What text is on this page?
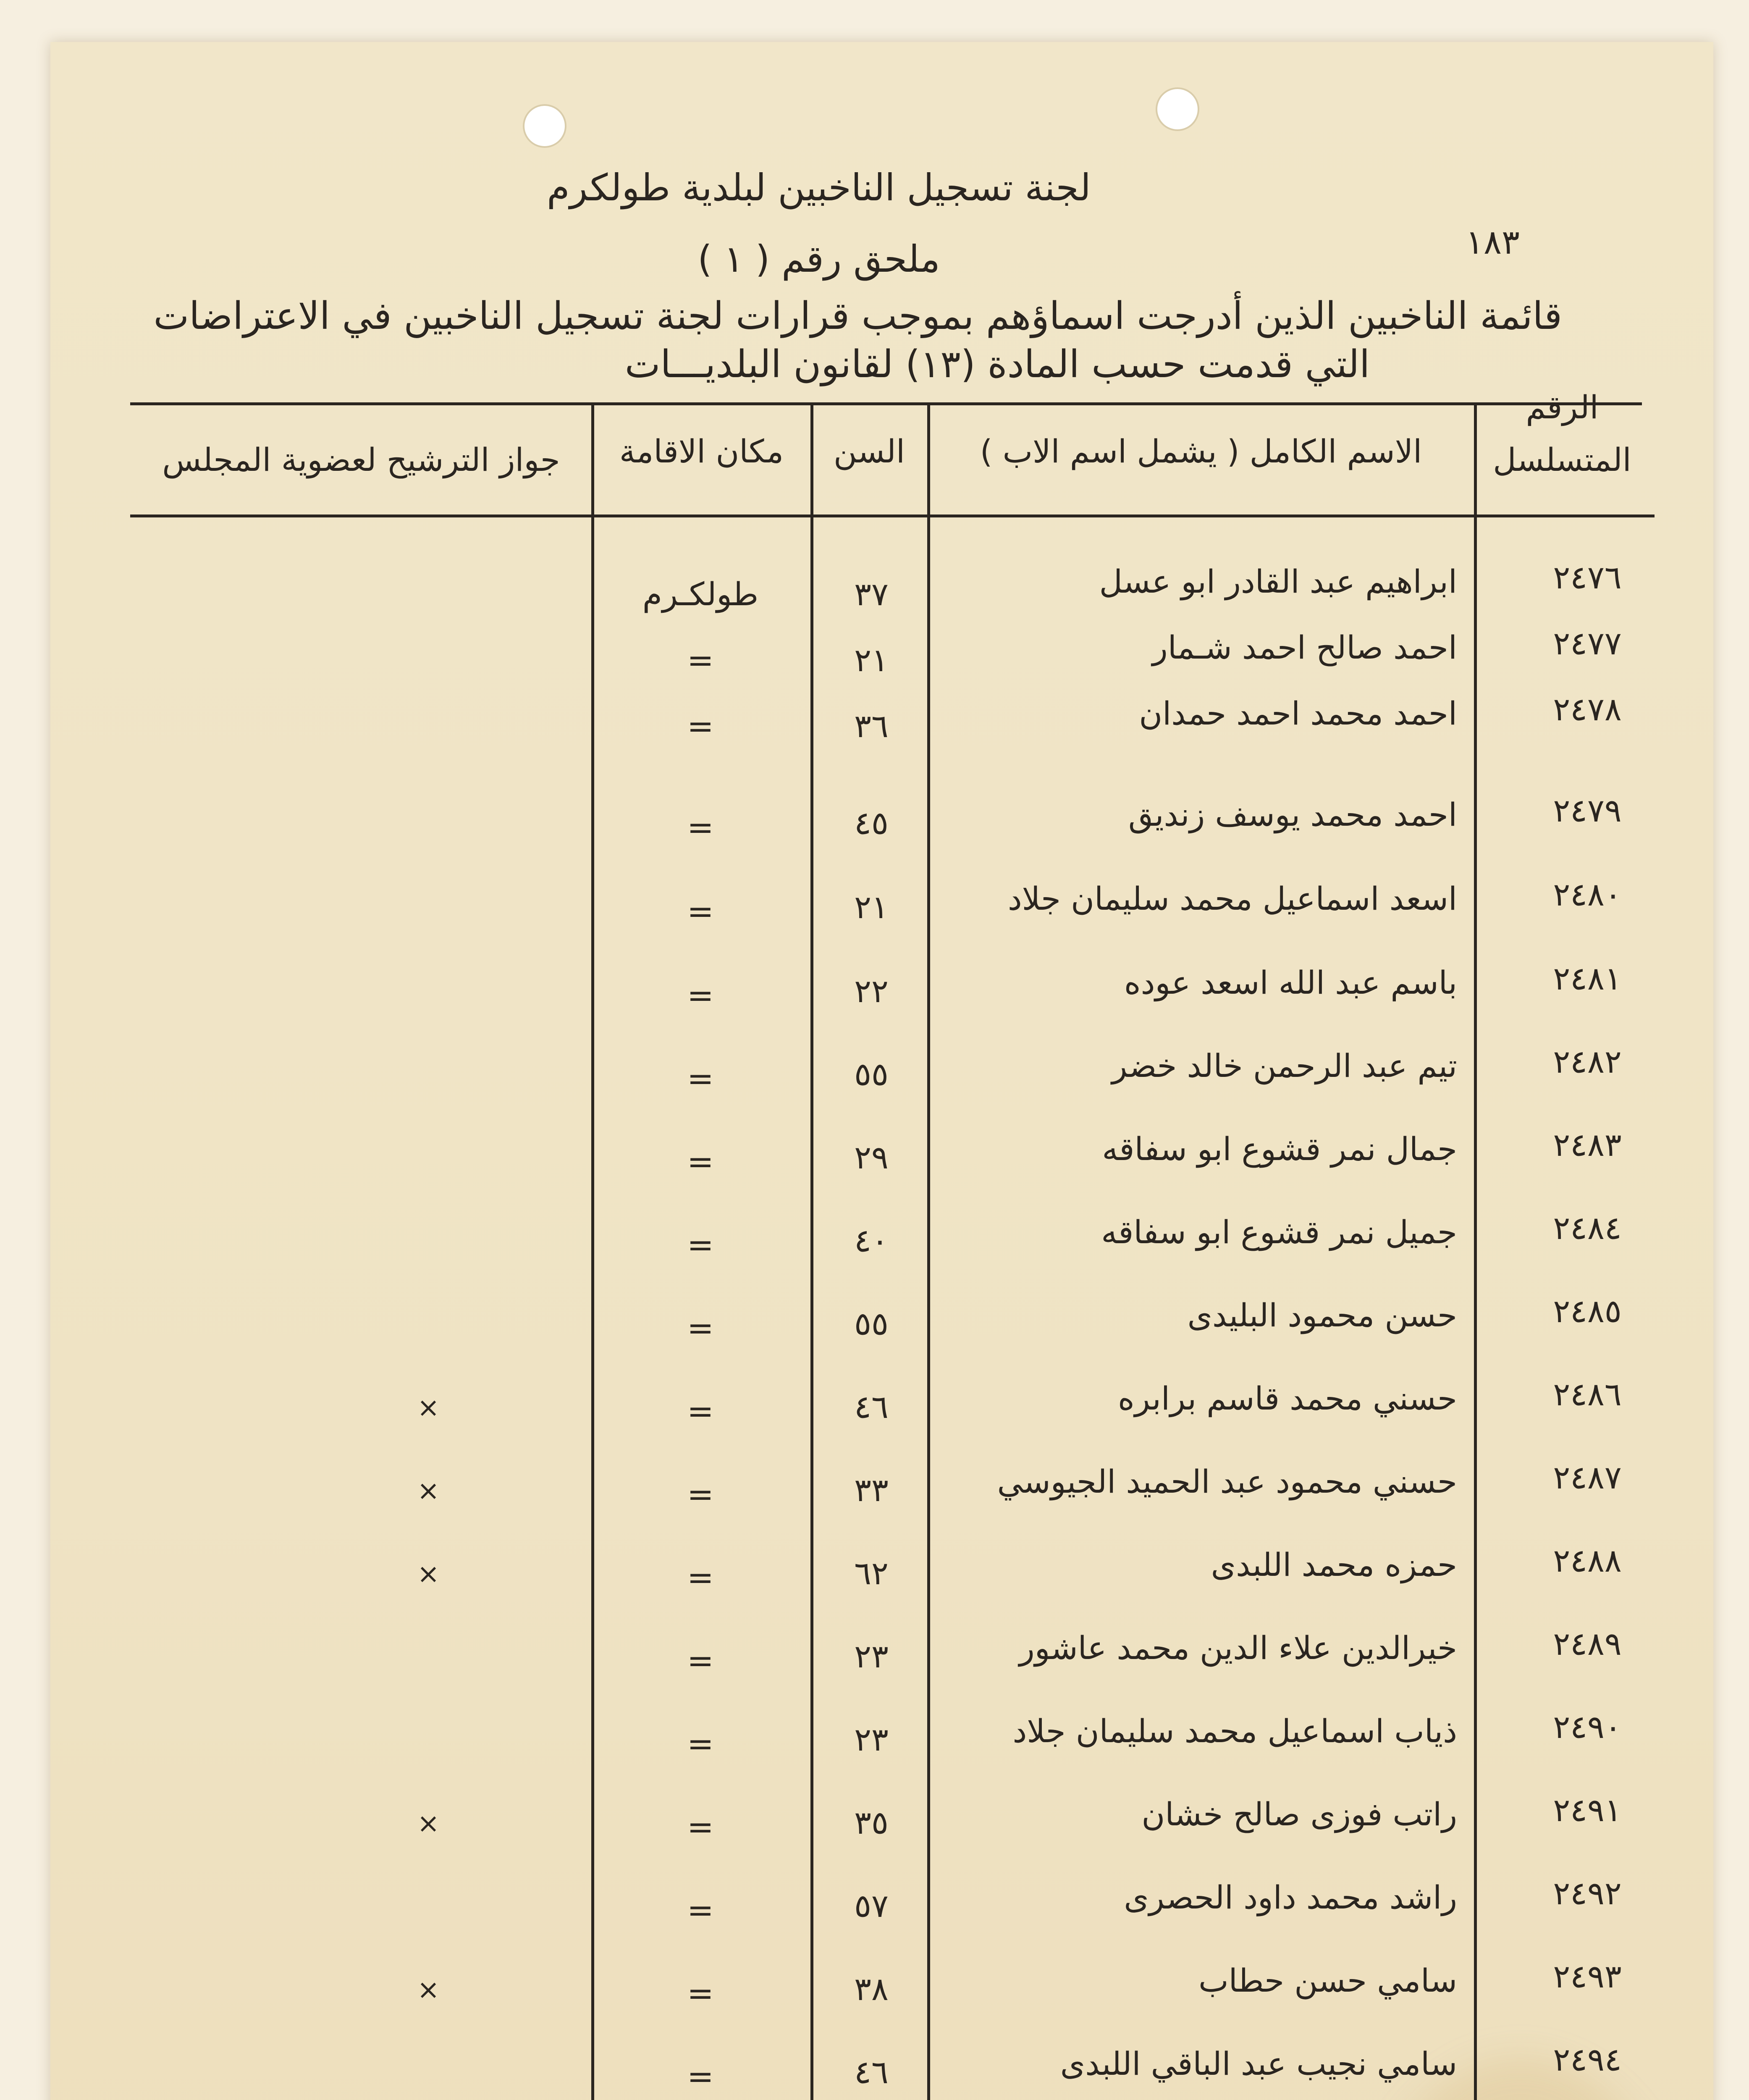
لجنة تسجيل الناخبين لبلدية طولكرم
١٨٣
ملحق رقم ( ١ )
قائمة الناخبين الذين أدرجت اسماؤهم بموجب قرارات لجنة تسجيل الناخبين في الاعتراضات
التي قدمت حسب المادة (١٣) لقانون البلديـــات
الرقم
المتسلسل
الاسم الكامل ( يشمل اسم الاب )
السن
مكان الاقامة
جواز الترشيح لعضوية المجلس
٢٤٧٦
ابراهيم عبد القادر ابو عسل
٣٧
طولكـرم
٢٤٧٧
احمد صالح احمد شـمار
٢١
=
٢٤٧٨
احمد محمد احمد حمدان
٣٦
=
٢٤٧٩
احمد محمد يوسف زنديق
٤٥
=
٢٤٨٠
اسعد اسماعيل محمد سليمان جلاد
٢١
=
٢٤٨١
باسم عبد الله اسعد عوده
٢٢
=
٢٤٨٢
تيم عبد الرحمن خالد خضر
٥٥
=
٢٤٨٣
جمال نمر قشوع ابو سفاقه
٢٩
=
٢٤٨٤
جميل نمر قشوع ابو سفاقه
٤٠
=
٢٤٨٥
حسن محمود البليدى
٥٥
=
٢٤٨٦
حسني محمد قاسم برابره
٤٦
=
×
٢٤٨٧
حسني محمود عبد الحميد الجيوسي
٣٣
=
×
٢٤٨٨
حمزه محمد اللبدى
٦٢
=
×
٢٤٨٩
خيرالدين علاء الدين محمد عاشور
٢٣
=
٢٤٩٠
ذياب اسماعيل محمد سليمان جلاد
٢٣
=
٢٤٩١
راتب فوزى صالح خشان
٣٥
=
×
٢٤٩٢
راشد محمد داود الحصرى
٥٧
=
٢٤٩٣
سامي حسن حطاب
٣٨
=
×
٢٤٩٤
سامي نجيب عبد الباقي اللبدى
٤٦
=
